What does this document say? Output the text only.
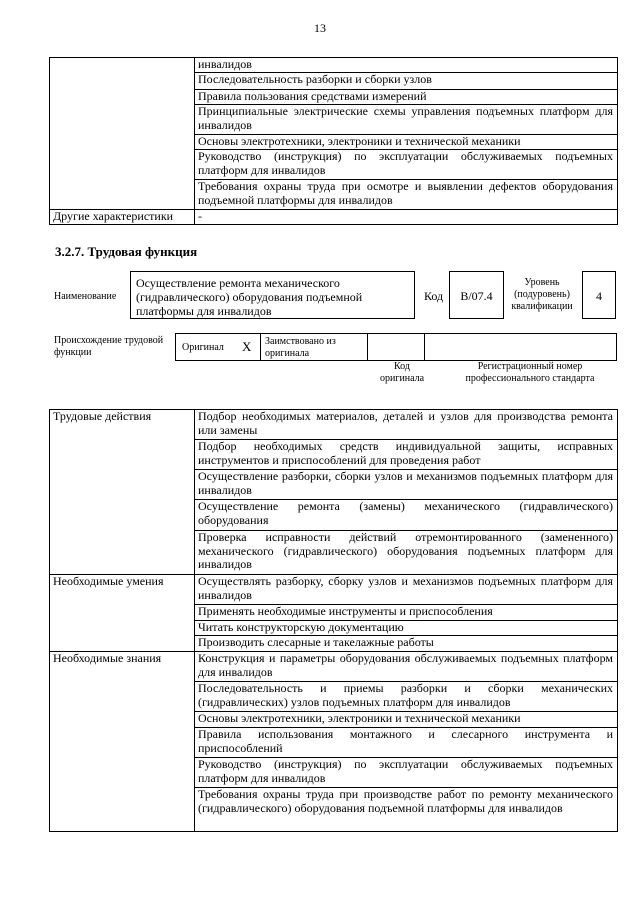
13
	инвалидов
	Последовательность разборки и сборки узлов
	Правила пользования средствами измерений
	Принципиальные электрические схемы управления подъемных платформ для инвалидов
	Основы электротехники, электроники и технической механики
	Руководство (инструкция) по эксплуатации обслуживаемых подъемных платформ для инвалидов
	Требования охраны труда при осмотре и выявлении дефектов оборудования подъемной платформы для инвалидов
Другие характеристики	-
3.2.7. Трудовая функция
Наименование
Осуществление ремонта механического (гидравлического) оборудования подъемной платформы для инвалидов
Код	В/07.4
Уровень (подуровень) квалификации
4
Происхождение трудовой функции	Оригинал X	Заимствовано из оригинала
Код оригинала
Регистрационный номер профессионального стандарта
Трудовые действия	Подбор необходимых материалов, деталей и узлов для производства ремонта или замены
	Подбор необходимых средств индивидуальной защиты, исправных инструментов и приспособлений для проведения работ
	Осуществление разборки, сборки узлов и механизмов подъемных платформ для инвалидов
	Осуществление ремонта (замены) механического (гидравлического) оборудования
	Проверка исправности действий отремонтированного (замененного) механического (гидравлического) оборудования подъемных платформ для инвалидов
Необходимые умения	Осуществлять разборку, сборку узлов и механизмов подъемных платформ для инвалидов
	Применять необходимые инструменты и приспособления
	Читать конструкторскую документацию
	Производить слесарные и такелажные работы
Необходимые знания	Конструкция и параметры оборудования обслуживаемых подъемных платформ для инвалидов
	Последовательность и приемы разборки и сборки механических (гидравлических) узлов подъемных платформ для инвалидов
	Основы электротехники, электроники и технической механики
	Правила использования монтажного и слесарного инструмента и приспособлений
	Руководство (инструкция) по эксплуатации обслуживаемых подъемных платформ для инвалидов
	Требования охраны труда при производстве работ по ремонту механического (гидравлического) оборудования подъемной платформы для инвалидов
